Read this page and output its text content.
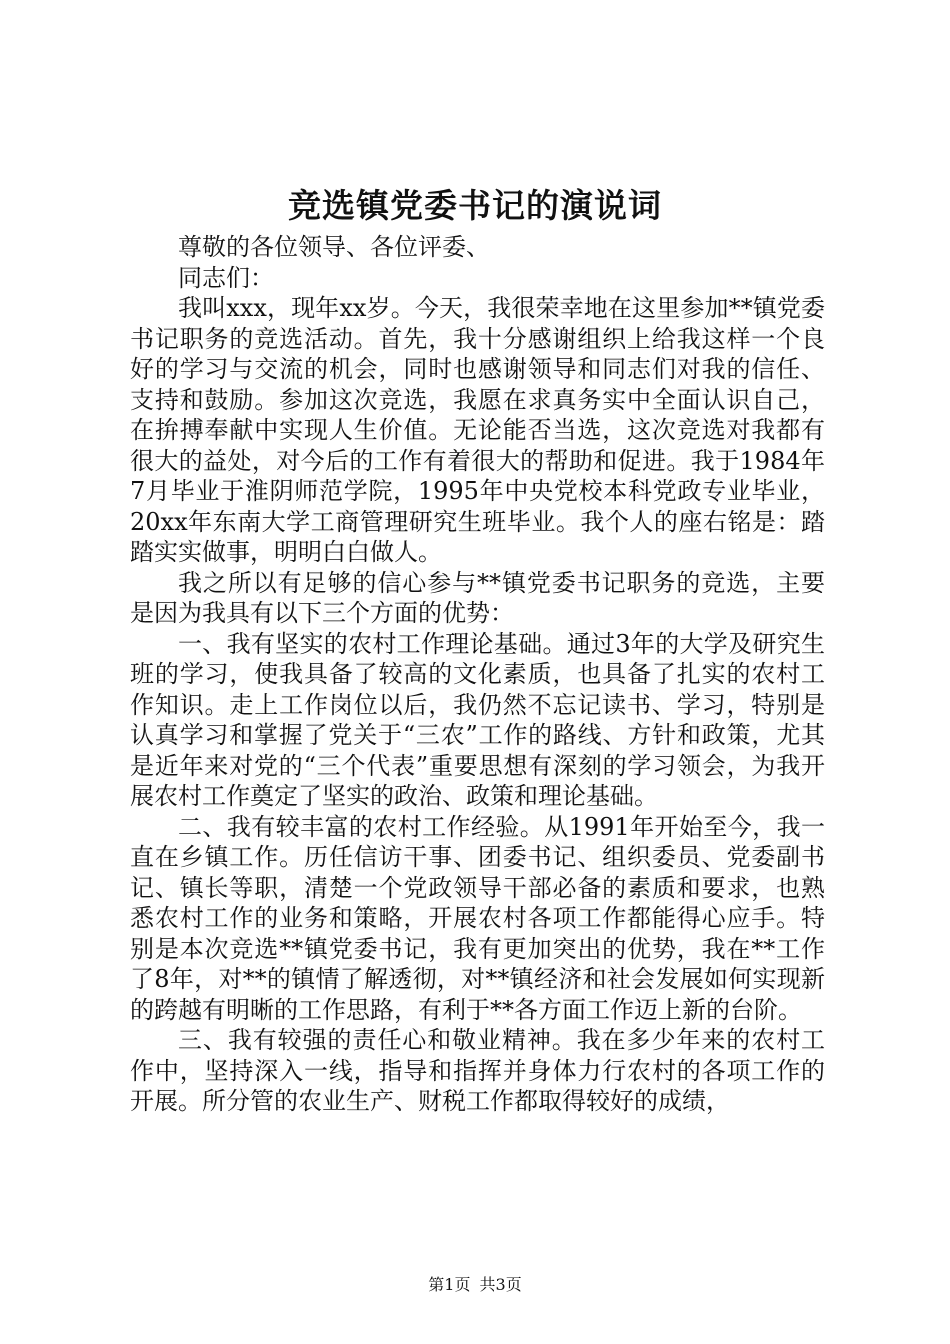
竞选镇党委书记的演说词

尊敬的各位领导、各位评委、

同志们：

我叫xxx，现年xx岁。今天，我很荣幸地在这里参加**镇党委书记职务的竞选活动。首先，我十分感谢组织上给我这样一个良好的学习与交流的机会，同时也感谢领导和同志们对我的信任、支持和鼓励。参加这次竞选，我愿在求真务实中全面认识自己，在拚搏奉献中实现人生价值。无论能否当选，这次竞选对我都有很大的益处，对今后的工作有着很大的帮助和促进。我于1984年7月毕业于淮阴师范学院，1995年中央党校本科党政专业毕业，20xx年东南大学工商管理研究生班毕业。我个人的座右铭是：踏踏实实做事，明明白白做人。

我之所以有足够的信心参与**镇党委书记职务的竞选，主要是因为我具有以下三个方面的优势：

一、我有坚实的农村工作理论基础。通过3年的大学及研究生班的学习，使我具备了较高的文化素质，也具备了扎实的农村工作知识。走上工作岗位以后，我仍然不忘记读书、学习，特别是认真学习和掌握了党关于“三农”工作的路线、方针和政策，尤其是近年来对党的“三个代表”重要思想有深刻的学习领会，为我开展农村工作奠定了坚实的政治、政策和理论基础。

二、我有较丰富的农村工作经验。从1991年开始至今，我一直在乡镇工作。历任信访干事、团委书记、组织委员、党委副书记、镇长等职，清楚一个党政领导干部必备的素质和要求，也熟悉农村工作的业务和策略，开展农村各项工作都能得心应手。特别是本次竞选**镇党委书记，我有更加突出的优势，我在**工作了8年，对**的镇情了解透彻，对**镇经济和社会发展如何实现新的跨越有明晰的工作思路，有利于**各方面工作迈上新的台阶。

三、我有较强的责任心和敬业精神。我在多少年来的农村工作中，坚持深入一线，指导和指挥并身体力行农村的各项工作的开展。所分管的农业生产、财税工作都取得较好的成绩，

第1页 共3页
